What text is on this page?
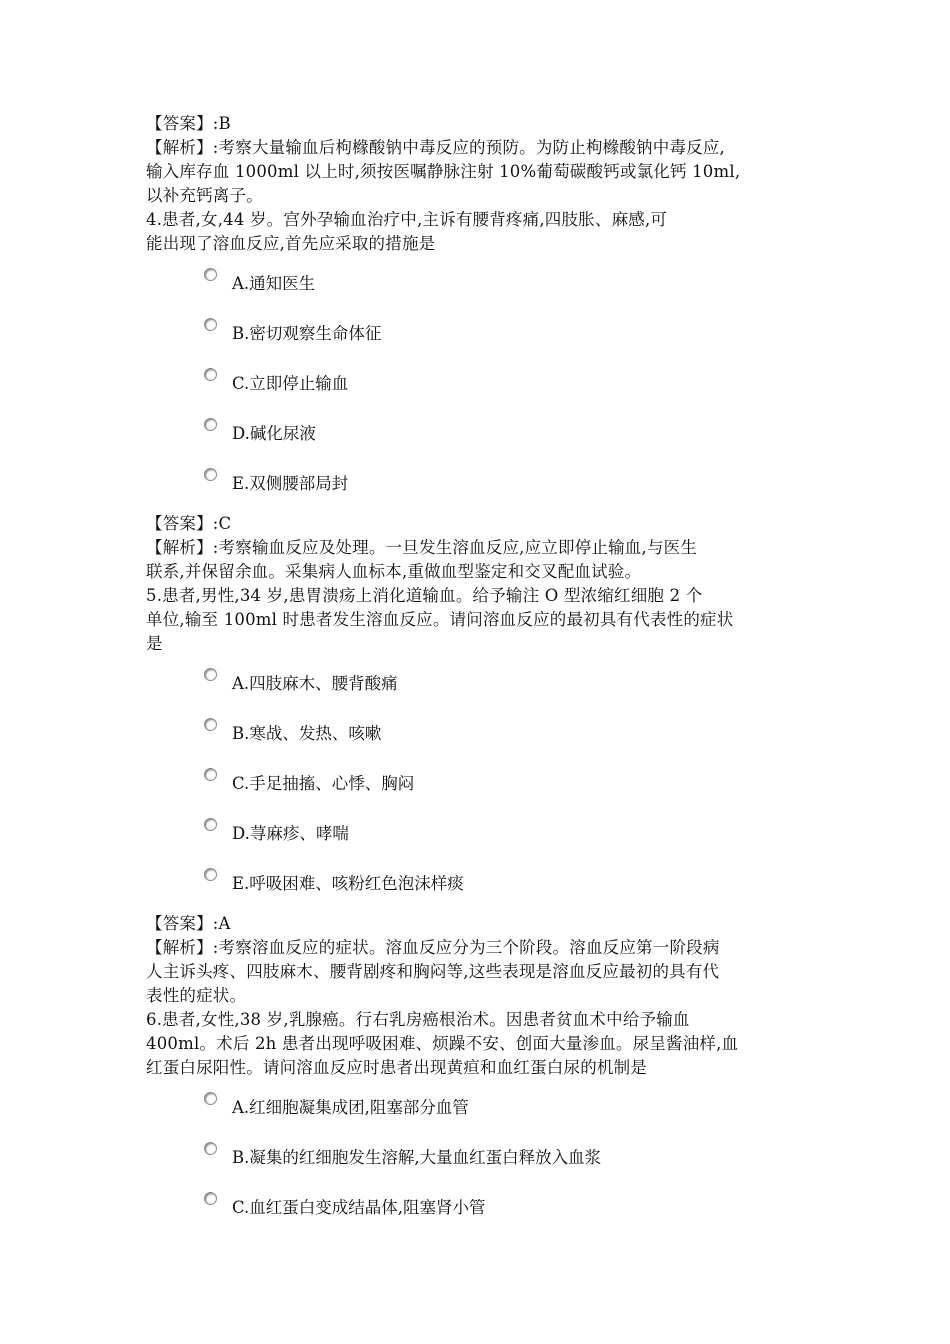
【答案】:B
【解析】:考察大量输血后枸橼酸钠中毒反应的预防。为防止枸橼酸钠中毒反应,
输入库存血 1000ml 以上时,须按医嘱静脉注射 10%葡萄碳酸钙或氯化钙 10ml,
以补充钙离子。
4.患者,女,44 岁。宫外孕输血治疗中,主诉有腰背疼痛,四肢胀、麻感,可
能出现了溶血反应,首先应采取的措施是
A.通知医生
B.密切观察生命体征
C.立即停止输血
D.碱化尿液
E.双侧腰部局封
【答案】:C
【解析】:考察输血反应及处理。一旦发生溶血反应,应立即停止输血,与医生
联系,并保留余血。采集病人血标本,重做血型鉴定和交叉配血试验。
5.患者,男性,34 岁,患胃溃疡上消化道输血。给予输注 O 型浓缩红细胞 2 个
单位,输至 100ml 时患者发生溶血反应。请问溶血反应的最初具有代表性的症状
是
A.四肢麻木、腰背酸痛
B.寒战、发热、咳嗽
C.手足抽搐、心悸、胸闷
D.荨麻疹、哮喘
E.呼吸困难、咳粉红色泡沫样痰
【答案】:A
【解析】:考察溶血反应的症状。溶血反应分为三个阶段。溶血反应第一阶段病
人主诉头疼、四肢麻木、腰背剧疼和胸闷等,这些表现是溶血反应最初的具有代
表性的症状。
6.患者,女性,38 岁,乳腺癌。行右乳房癌根治术。因患者贫血术中给予输血
400ml。术后 2h 患者出现呼吸困难、烦躁不安、创面大量渗血。尿呈酱油样,血
红蛋白尿阳性。请问溶血反应时患者出现黄疸和血红蛋白尿的机制是
A.红细胞凝集成团,阻塞部分血管
B.凝集的红细胞发生溶解,大量血红蛋白释放入血浆
C.血红蛋白变成结晶体,阻塞肾小管
